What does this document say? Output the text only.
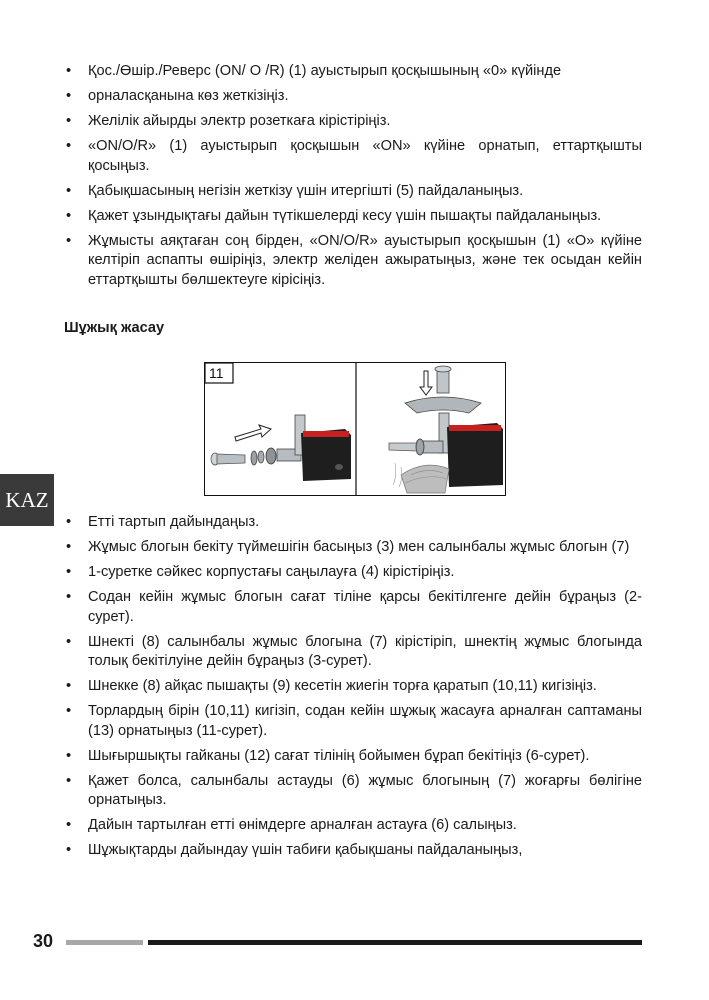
• Қос./Өшір./Реверс (ON/ O /R) (1) ауыстырып қосқышының «0» күйінде
• орналасқанына көз жеткізіңіз.
• Желілік айырды электр розеткаға кірістіріңіз.
• «ON/O/R» (1) ауыстырып қосқышын «ON» күйіне орнатып, еттартқышты қосыңыз.
• Қабықшасының негізін жеткізу үшін итергішті (5) пайдаланыңыз.
• Қажет ұзындықтағы дайын түтікшелерді кесу үшін пышақты пайдаланыңыз.
• Жұмысты аяқтаған соң бірден, «ON/O/R» ауыстырып қосқышын (1) «O» күйіне келтіріп аспапты өшіріңіз, электр желіден ажыратыңыз, және тек осыдан кейін еттартқышты бөлшектеуге кірісіңіз.
Шұжық жасау
11
KAZ
• Етті тартып дайындаңыз.
• Жұмыс блогын бекіту түймешігін басыңыз (3) мен салынбалы жұмыс блогын (7)
• 1-суретке сәйкес корпустағы саңылауға (4) кірістіріңіз.
• Содан кейін жұмыс блогын сағат тіліне қарсы бекітілгенге дейін бұраңыз (2-сурет).
• Шнекті (8) салынбалы жұмыс блогына (7) кірістіріп, шнектің жұмыс блогында толық бекітілуіне дейін бұраңыз (3-сурет).
• Шнекке (8) айқас пышақты (9) кесетін жиегін торға қаратып (10,11) кигізіңіз.
• Торлардың бірін (10,11) кигізіп, содан кейін шұжық жасауға арналған саптаманы (13) орнатыңыз (11-сурет).
• Шығыршықты гайканы (12) сағат тілінің бойымен бұрап бекітіңіз (6-сурет).
• Қажет болса, салынбалы астауды (6) жұмыс блогының (7) жоғарғы бөлігіне орнатыңыз.
• Дайын тартылған етті өнімдерге арналған астауға (6) салыңыз.
• Шұжықтарды дайындау үшін табиғи қабықшаны пайдаланыңыз,
30
